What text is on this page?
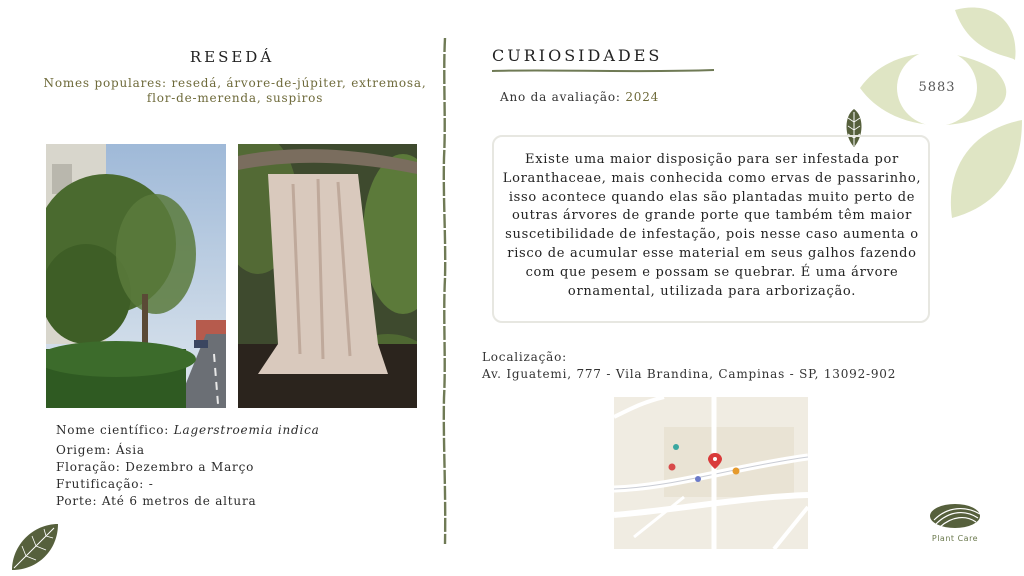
5883
RESEDÁ
Nomes populares: resedá, árvore-de-júpiter, extremosa, flor-de-merenda, suspiros
Nome científico: Lagerstroemia indica
Origem: Ásia
Floração: Dezembro a Março
Frutificação: -
Porte: Até 6 metros de altura
CURIOSIDADES
Ano da avaliação: 2024
Existe uma maior disposição para ser infestada por Loranthaceae, mais conhecida como ervas de passarinho, isso acontece quando elas são plantadas muito perto de outras árvores de grande porte que também têm maior suscetibilidade de infestação, pois nesse caso aumenta o risco de acumular esse material em seus galhos fazendo com que pesem e possam se quebrar. É uma árvore ornamental, utilizada para arborização.
Localização:
Av. Iguatemi, 777 - Vila Brandina, Campinas - SP, 13092-902
Plant Care
